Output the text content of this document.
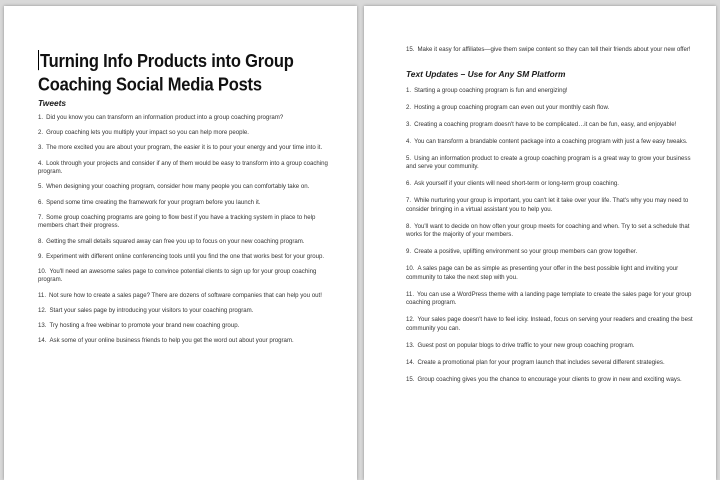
Turning Info Products into Group
Coaching Social Media Posts
Tweets
1. Did you know you can transform an information product into a group coaching program?
2. Group coaching lets you multiply your impact so you can help more people.
3. The more excited you are about your program, the easier it is to pour your energy and your time into it.
4. Look through your projects and consider if any of them would be easy to transform into a group coaching program.
5. When designing your coaching program, consider how many people you can comfortably take on.
6. Spend some time creating the framework for your program before you launch it.
7. Some group coaching programs are going to flow best if you have a tracking system in place to help members chart their progress.
8. Getting the small details squared away can free you up to focus on your new coaching program.
9. Experiment with different online conferencing tools until you find the one that works best for your group.
10. You'll need an awesome sales page to convince potential clients to sign up for your group coaching program.
11. Not sure how to create a sales page? There are dozens of software companies that can help you out!
12. Start your sales page by introducing your visitors to your coaching program.
13. Try hosting a free webinar to promote your brand new coaching group.
14. Ask some of your online business friends to help you get the word out about your program.
15. Make it easy for affiliates—give them swipe content so they can tell their friends about your new offer!
Text Updates – Use for Any SM Platform
1. Starting a group coaching program is fun and energizing!
2. Hosting a group coaching program can even out your monthly cash flow.
3. Creating a coaching program doesn't have to be complicated…it can be fun, easy, and enjoyable!
4. You can transform a brandable content package into a coaching program with just a few easy tweaks.
5. Using an information product to create a group coaching program is a great way to grow your business and serve your community.
6. Ask yourself if your clients will need short-term or long-term group coaching.
7. While nurturing your group is important, you can't let it take over your life. That's why you may need to consider bringing in a virtual assistant you to help you.
8. You'll want to decide on how often your group meets for coaching and when. Try to set a schedule that works for the majority of your members.
9. Create a positive, uplifting environment so your group members can grow together.
10. A sales page can be as simple as presenting your offer in the best possible light and inviting your community to take the next step with you.
11. You can use a WordPress theme with a landing page template to create the sales page for your group coaching program.
12. Your sales page doesn't have to feel icky. Instead, focus on serving your readers and creating the best community you can.
13. Guest post on popular blogs to drive traffic to your new group coaching program.
14. Create a promotional plan for your program launch that includes several different strategies.
15. Group coaching gives you the chance to encourage your clients to grow in new and exciting ways.
